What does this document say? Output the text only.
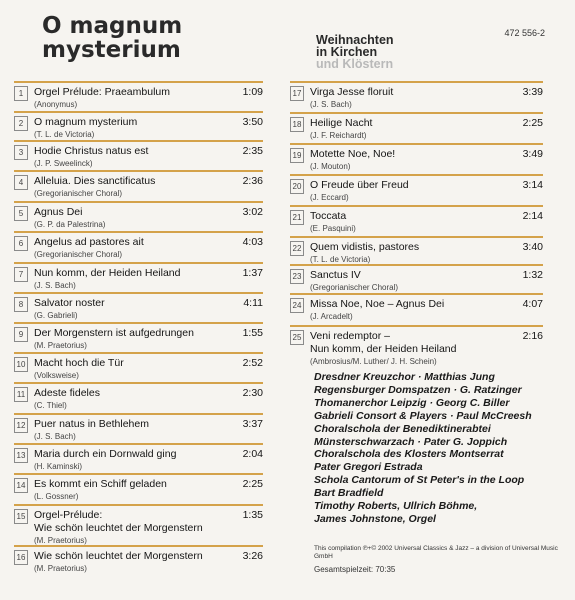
O magnum
mysterium	Weihnachten
in Kirchen
und Klöstern
472 556-2
1	Orgel Prélude: Praeambulum	1:09
(Anonymus)
2	O magnum mysterium	3:50
(T. L. de Victoria)
3	Hodie Christus natus est	2:35
(J. P. Sweelinck)
4	Alleluia. Dies sanctificatus	2:36
(Gregorianischer Choral)
5	Agnus Dei	3:02
(G. P. da Palestrina)
6	Angelus ad pastores ait	4:03
(Gregorianischer Choral)
7	Nun komm, der Heiden Heiland	1:37
(J. S. Bach)
8	Salvator noster	4:11
(G. Gabrieli)
9	Der Morgenstern ist aufgedrungen	1:55
(M. Praetorius)
10 Macht hoch die Tür	2:52
(Volksweise)
11 Adeste fideles	2:30
(C. Thiel)
12 Puer natus in Bethlehem	3:37
(J. S. Bach)
13 Maria durch ein Dornwald ging	2:04
(H. Kaminski)
14 Es kommt ein Schiff geladen	2:25
(L. Gossner)
15 Orgel-Prélude:
Wie schön leuchtet der Morgenstern
1:35
(M. Praetorius)
16 Wie schön leuchtet der Morgenstern	3:26
(M. Praetorius)
17 Virga Jesse floruit	3:39
(J. S. Bach)
18 Heilige Nacht	2:25
(J. F. Reichardt)
19 Motette Noe, Noe!	3:49
(J. Mouton)
20 O Freude über Freud	3:14
(J. Eccard)
21 Toccata	2:14
(E. Pasquini)
22 Quem vidistis, pastores	3:40
(T. L. de Victoria)
23 Sanctus IV	1:32
(Gregorianischer Choral)
24 Missa Noe, Noe – Agnus Dei	4:07
(J. Arcadelt)
25 Veni redemptor –
Nun komm, der Heiden Heiland
2:16
(Ambrosius/M. Luther/ J. H. Schein)
Dresdner Kreuzchor · Matthias Jung
Regensburger Domspatzen · G. Ratzinger
Thomanerchor Leipzig · Georg C. Biller
Gabrieli Consort & Players · Paul McCreesh
Choralschola der Benediktinerabtei
Münsterschwarzach · Pater G. Joppich
Choralschola des Klosters Montserrat
Pater Gregori Estrada
Schola Cantorum of St Peter's in the Loop
Bart Bradfield
Timothy Roberts, Ullrich Böhme,
James Johnstone, Orgel
This compilation ℗+© 2002 Universal Classics & Jazz – a division of Universal Music GmbH
Gesamtspielzeit: 70:35
